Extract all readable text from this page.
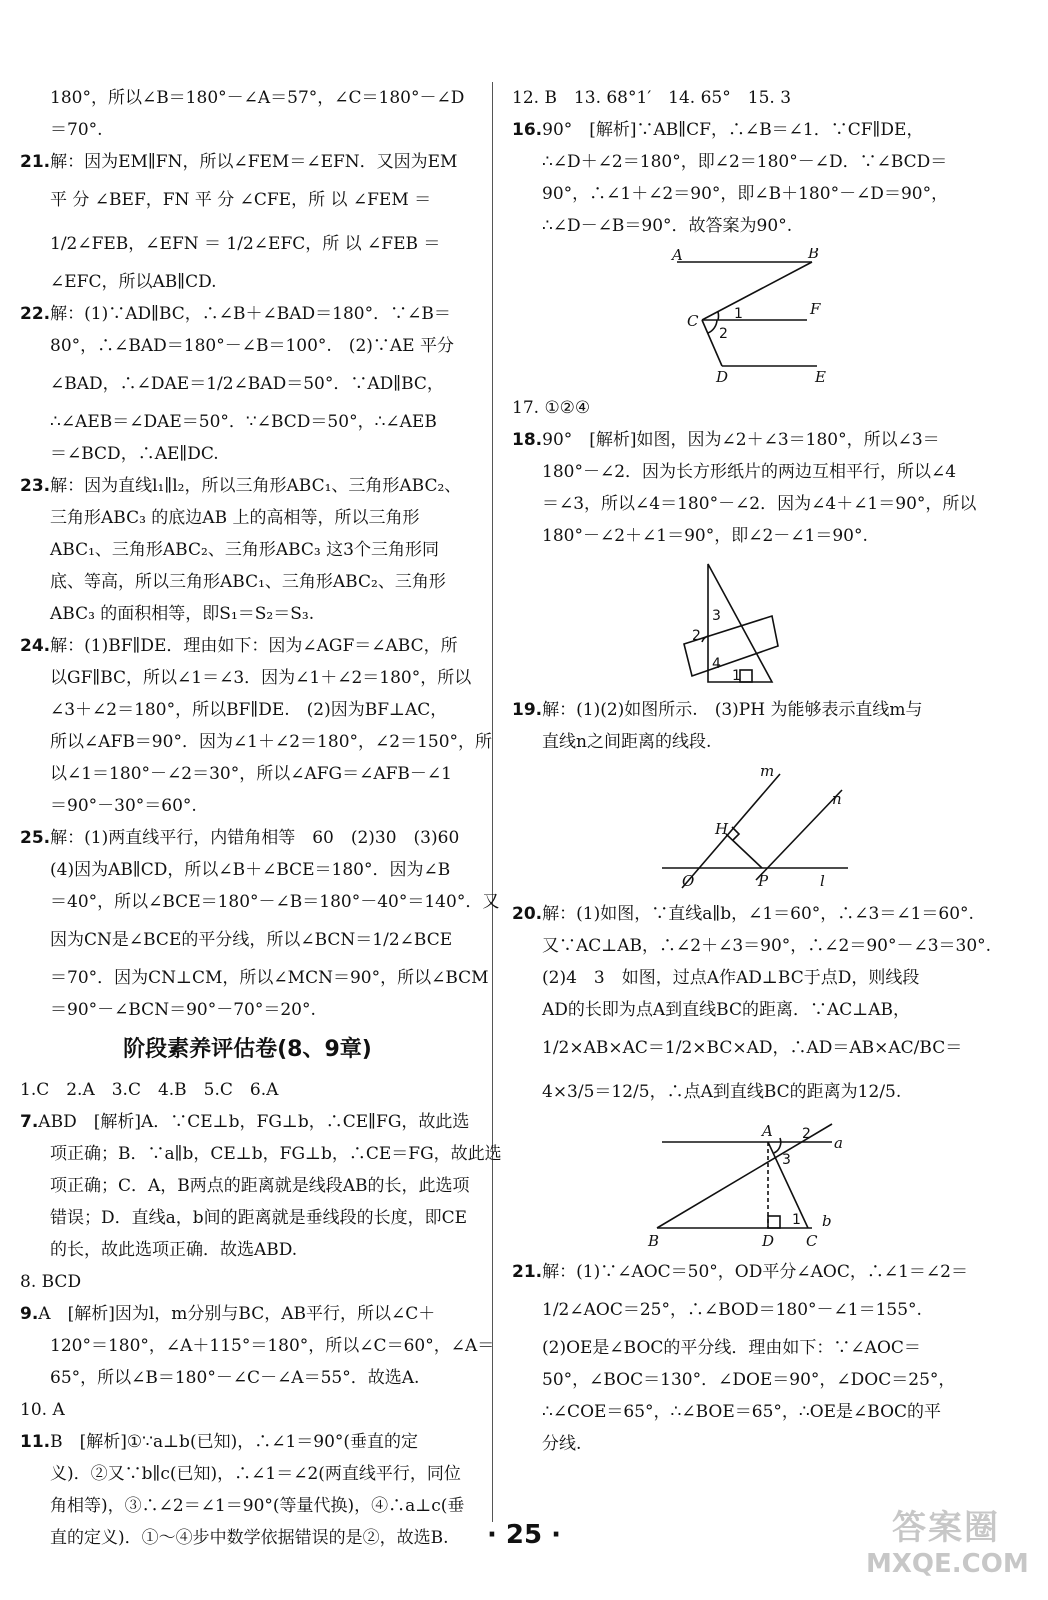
180°，所以∠B＝180°－∠A＝57°，∠C＝180°－∠D
＝70°.
21.解：因为EM∥FN，所以∠FEM＝∠EFN．又因为EM
平 分 ∠BEF，FN 平 分 ∠CFE，所 以 ∠FEM ＝
1/2∠FEB，∠EFN ＝ 1/2∠EFC，所 以 ∠FEB ＝
∠EFC，所以AB∥CD.
22.解：(1)∵AD∥BC，∴∠B＋∠BAD＝180°．∵∠B＝
80°，∴∠BAD＝180°－∠B＝100°.　(2)∵AE 平分
∠BAD，∴∠DAE＝1/2∠BAD＝50°．∵AD∥BC，
∴∠AEB＝∠DAE＝50°．∵∠BCD＝50°，∴∠AEB
＝∠BCD，∴AE∥DC.
23.解：因为直线l₁∥l₂，所以三角形ABC₁、三角形ABC₂、
三角形ABC₃ 的底边AB 上的高相等，所以三角形
ABC₁、三角形ABC₂、三角形ABC₃ 这3个三角形同
底、等高，所以三角形ABC₁、三角形ABC₂、三角形
ABC₃ 的面积相等，即S₁＝S₂＝S₃.
24.解：(1)BF∥DE．理由如下：因为∠AGF＝∠ABC，所
以GF∥BC，所以∠1＝∠3．因为∠1＋∠2＝180°，所以
∠3＋∠2＝180°，所以BF∥DE.　(2)因为BF⊥AC，
所以∠AFB＝90°．因为∠1＋∠2＝180°，∠2＝150°，所
以∠1＝180°－∠2＝30°，所以∠AFG＝∠AFB－∠1
＝90°－30°＝60°.
25.解：(1)两直线平行，内错角相等　60　(2)30　(3)60
(4)因为AB∥CD，所以∠B＋∠BCE＝180°．因为∠B
＝40°，所以∠BCE＝180°－∠B＝180°－40°＝140°．又
因为CN是∠BCE的平分线，所以∠BCN＝1/2∠BCE
＝70°．因为CN⊥CM，所以∠MCN＝90°，所以∠BCM
＝90°－∠BCN＝90°－70°＝20°.
阶段素养评估卷(8、9章)
1.C　2.A　3.C　4.B　5.C　6.A
7.ABD　[解析]A．∵CE⊥b，FG⊥b，∴CE∥FG，故此选
项正确；B．∵a∥b，CE⊥b，FG⊥b，∴CE＝FG，故此选
项正确；C．A，B两点的距离就是线段AB的长，此选项
错误；D．直线a，b间的距离就是垂线段的长度，即CE
的长，故此选项正确．故选ABD.
8. BCD
9.A　[解析]因为l，m分别与BC，AB平行，所以∠C＋
120°＝180°，∠A＋115°＝180°，所以∠C＝60°，∠A＝
65°，所以∠B＝180°－∠C－∠A＝55°．故选A.
10. A
11.B　[解析]①∵a⊥b(已知)，∴∠1＝90°(垂直的定
义)．②又∵b∥c(已知)，∴∠1＝∠2(两直线平行，同位
角相等)，③∴∠2＝∠1＝90°(等量代换)，④∴a⊥c(垂
直的定义)．①～④步中数学依据错误的是②，故选B.
12. B　13. 68°1′　14. 65°　15. 3
16.90°　[解析]∵AB∥CF，∴∠B＝∠1．∵CF∥DE，
∴∠D＋∠2＝180°，即∠2＝180°－∠D．∵∠BCD＝
90°，∴∠1＋∠2＝90°，即∠B＋180°－∠D＝90°，
∴∠D－∠B＝90°．故答案为90°.
A	B
C
F
D	E
1
2
17. ①②④
18.90°　[解析]如图，因为∠2＋∠3＝180°，所以∠3＝
180°－∠2．因为长方形纸片的两边互相平行，所以∠4
＝∠3，所以∠4＝180°－∠2．因为∠4＋∠1＝90°，所以
180°－∠2＋∠1＝90°，即∠2－∠1＝90°.
3
2
4
1
19.解：(1)(2)如图所示.　(3)PH 为能够表示直线m与
直线n之间距离的线段.
m
n
H
O	P	l
20.解：(1)如图，∵直线a∥b，∠1＝60°，∴∠3＝∠1＝60°.
又∵AC⊥AB，∴∠2＋∠3＝90°，∴∠2＝90°－∠3＝30°.
(2)4　3　如图，过点A作AD⊥BC于点D，则线段
AD的长即为点A到直线BC的距离．∵AC⊥AB，
1/2×AB×AC＝1/2×BC×AD，∴AD＝AB×AC/BC＝
4×3/5＝12/5，∴点A到直线BC的距离为12/5.
A
a
b
B	D C
2
3
1
21.解：(1)∵∠AOC＝50°，OD平分∠AOC，∴∠1＝∠2＝
1/2∠AOC＝25°，∴∠BOD＝180°－∠1＝155°.
(2)OE是∠BOC的平分线．理由如下：∵∠AOC＝
50°，∠BOC＝130°．∠DOE＝90°，∠DOC＝25°，
∴∠COE＝65°，∴∠BOE＝65°，∴OE是∠BOC的平
分线.
· 25 ·	答案圈
MXQE.COM
